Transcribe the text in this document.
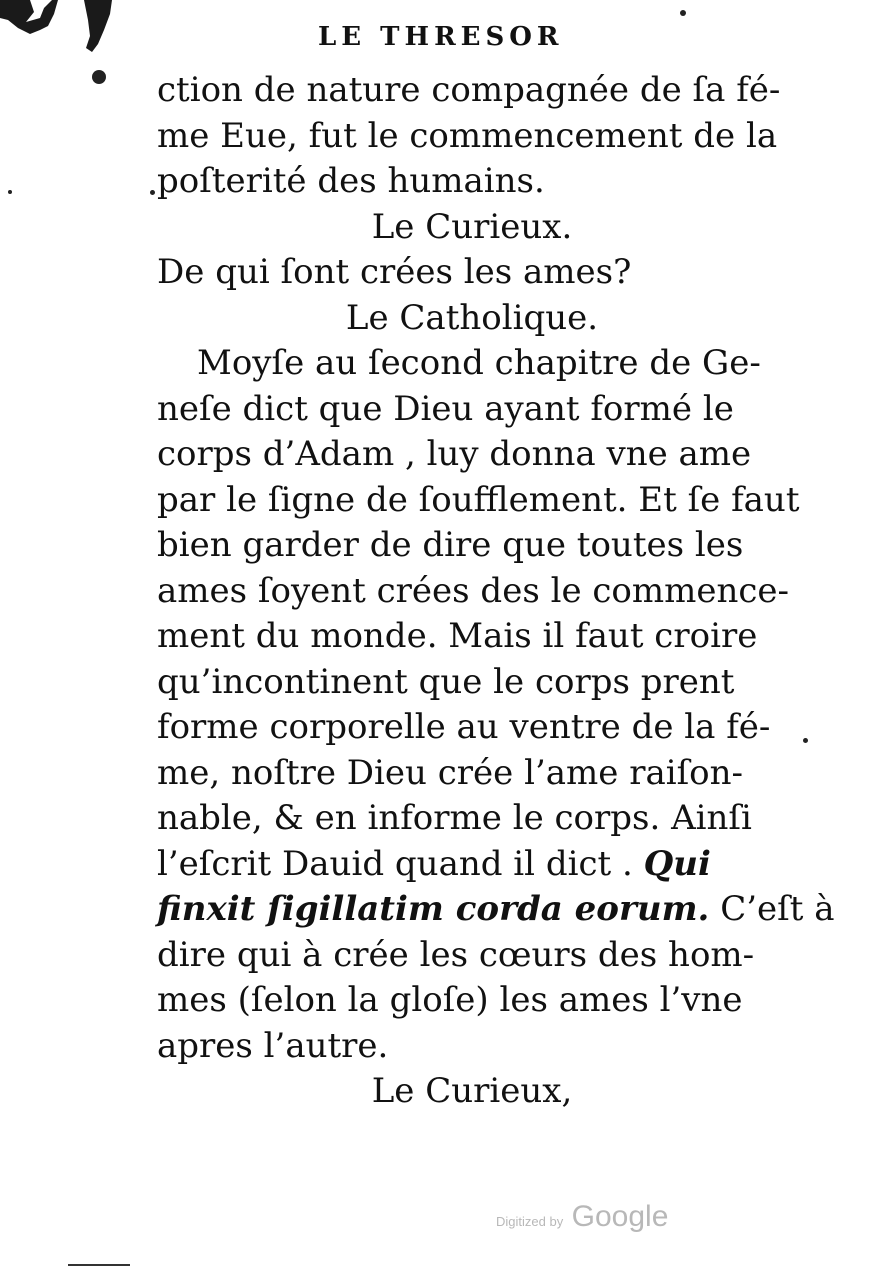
LE THRESOR
ction de nature compagnée de ſa fé-
me Eue, fut le commencement de la
poſterité des humains.
Le Curieux.
De qui ſont crées les ames?
Le Catholique.
Moyſe au ſecond chapitre de Ge-
neſe dict que Dieu ayant formé le
corps d’Adam , luy donna vne ame
par le ſigne de ſoufflement. Et ſe faut
bien garder de dire que toutes les
ames ſoyent crées des le commence-
ment du monde. Mais il faut croire
qu’incontinent que le corps prent
forme corporelle au ventre de la fé-
me, noſtre Dieu crée l’ame raiſon-
nable, & en informe le corps. Ainſi
l’eſcrit Dauid quand il dict . Qui
finxit ſigillatim corda eorum. C’eſt à
dire qui à crée les cœurs des hom-
mes (ſelon la gloſe) les ames l’vne
apres l’autre.
Le Curieux,
Digitized by Google
